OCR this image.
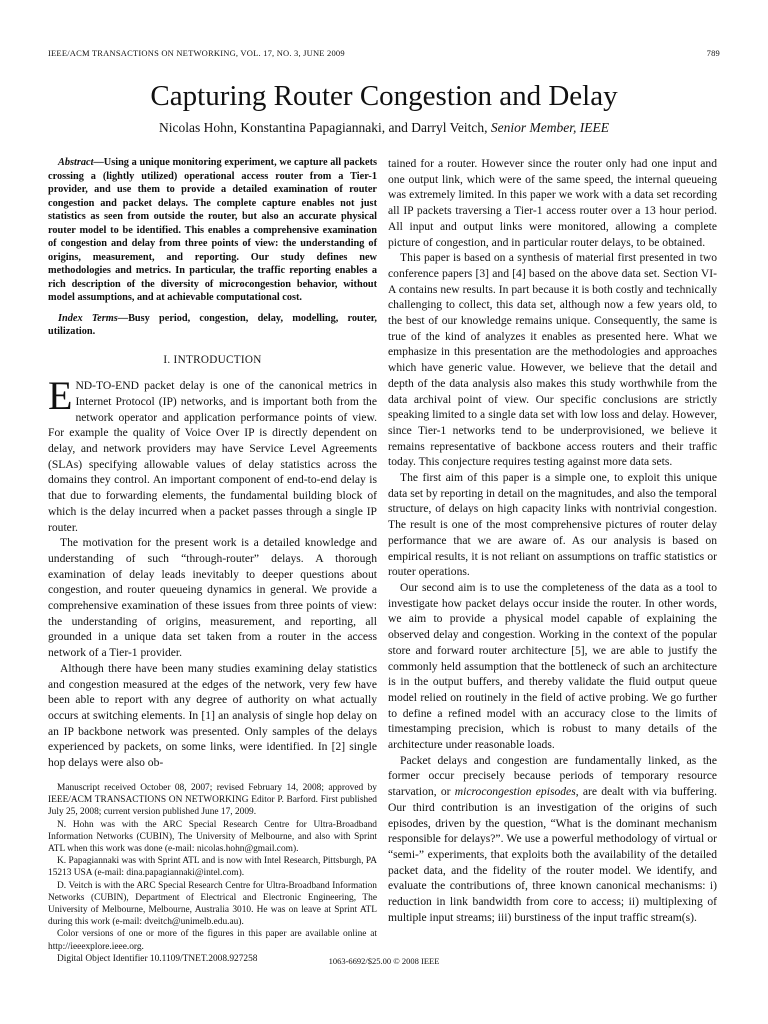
IEEE/ACM TRANSACTIONS ON NETWORKING, VOL. 17, NO. 3, JUNE 2009	789
Capturing Router Congestion and Delay
Nicolas Hohn, Konstantina Papagiannaki, and Darryl Veitch, Senior Member, IEEE

Abstract—Using a unique monitoring experiment, we capture all packets crossing a (lightly utilized) operational access router from a Tier-1 provider, and use them to provide a detailed examination of router congestion and packet delays. The complete capture enables not just statistics as seen from outside the router, but also an accurate physical router model to be identified. This enables a comprehensive examination of congestion and delay from three points of view: the understanding of origins, measurement, and reporting. Our study defines new methodologies and metrics. In particular, the traffic reporting enables a rich description of the diversity of microcongestion behavior, without model assumptions, and at achievable computational cost.

Index Terms—Busy period, congestion, delay, modelling, router, utilization.

I. INTRODUCTION

END-TO-END packet delay is one of the canonical metrics in Internet Protocol (IP) networks, and is important both from the network operator and application performance points of view. For example the quality of Voice Over IP is directly dependent on delay, and network providers may have Service Level Agreements (SLAs) specifying allowable values of delay statistics across the domains they control. An important component of end-to-end delay is that due to forwarding elements, the fundamental building block of which is the delay incurred when a packet passes through a single IP router.

The motivation for the present work is a detailed knowledge and understanding of such “through-router” delays. A thorough examination of delay leads inevitably to deeper questions about congestion, and router queueing dynamics in general. We provide a comprehensive examination of these issues from three points of view: the understanding of origins, measurement, and reporting, all grounded in a unique data set taken from a router in the access network of a Tier-1 provider.

Although there have been many studies examining delay statistics and congestion measured at the edges of the network, very few have been able to report with any degree of authority on what actually occurs at switching elements. In [1] an analysis of single hop delay on an IP backbone network was presented. Only samples of the delays experienced by packets, on some links, were identified. In [2] single hop delays were also ob-

Manuscript received October 08, 2007; revised February 14, 2008; approved by IEEE/ACM TRANSACTIONS ON NETWORKING Editor P. Barford. First published July 25, 2008; current version published June 17, 2009.

N. Hohn was with the ARC Special Research Centre for Ultra-Broadband Information Networks (CUBIN), The University of Melbourne, and also with Sprint ATL when this work was done (e-mail: nicolas.hohn@gmail.com).

K. Papagiannaki was with Sprint ATL and is now with Intel Research, Pittsburgh, PA 15213 USA (e-mail: dina.papagiannaki@intel.com).

D. Veitch is with the ARC Special Research Centre for Ultra-Broadband Information Networks (CUBIN), Department of Electrical and Electronic Engineering, The University of Melbourne, Melbourne, Australia 3010. He was on leave at Sprint ATL during this work (e-mail: dveitch@unimelb.edu.au).

Color versions of one or more of the figures in this paper are available online at http://ieeexplore.ieee.org.

Digital Object Identifier 10.1109/TNET.2008.927258

tained for a router. However since the router only had one input and one output link, which were of the same speed, the internal queueing was extremely limited. In this paper we work with a data set recording all IP packets traversing a Tier-1 access router over a 13 hour period. All input and output links were monitored, allowing a complete picture of congestion, and in particular router delays, to be obtained.

This paper is based on a synthesis of material first presented in two conference papers [3] and [4] based on the above data set. Section VI-A contains new results. In part because it is both costly and technically challenging to collect, this data set, although now a few years old, to the best of our knowledge remains unique. Consequently, the same is true of the kind of analyzes it enables as presented here. What we emphasize in this presentation are the methodologies and approaches which have generic value. However, we believe that the detail and depth of the data analysis also makes this study worthwhile from the data archival point of view. Our specific conclusions are strictly speaking limited to a single data set with low loss and delay. However, since Tier-1 networks tend to be underprovisioned, we believe it remains representative of backbone access routers and their traffic today. This conjecture requires testing against more data sets.

The first aim of this paper is a simple one, to exploit this unique data set by reporting in detail on the magnitudes, and also the temporal structure, of delays on high capacity links with nontrivial congestion. The result is one of the most comprehensive pictures of router delay performance that we are aware of. As our analysis is based on empirical results, it is not reliant on assumptions on traffic statistics or router operations.

Our second aim is to use the completeness of the data as a tool to investigate how packet delays occur inside the router. In other words, we aim to provide a physical model capable of explaining the observed delay and congestion. Working in the context of the popular store and forward router architecture [5], we are able to justify the commonly held assumption that the bottleneck of such an architecture is in the output buffers, and thereby validate the fluid output queue model relied on routinely in the field of active probing. We go further to define a refined model with an accuracy close to the limits of timestamping precision, which is robust to many details of the architecture under reasonable loads.

Packet delays and congestion are fundamentally linked, as the former occur precisely because periods of temporary resource starvation, or microcongestion episodes, are dealt with via buffering. Our third contribution is an investigation of the origins of such episodes, driven by the question, “What is the dominant mechanism responsible for delays?”. We use a powerful methodology of virtual or “semi-” experiments, that exploits both the availability of the detailed packet data, and the fidelity of the router model. We identify, and evaluate the contributions of, three known canonical mechanisms: i) reduction in link bandwidth from core to access; ii) multiplexing of multiple input streams; iii) burstiness of the input traffic stream(s).

1063-6692/$25.00 © 2008 IEEE
